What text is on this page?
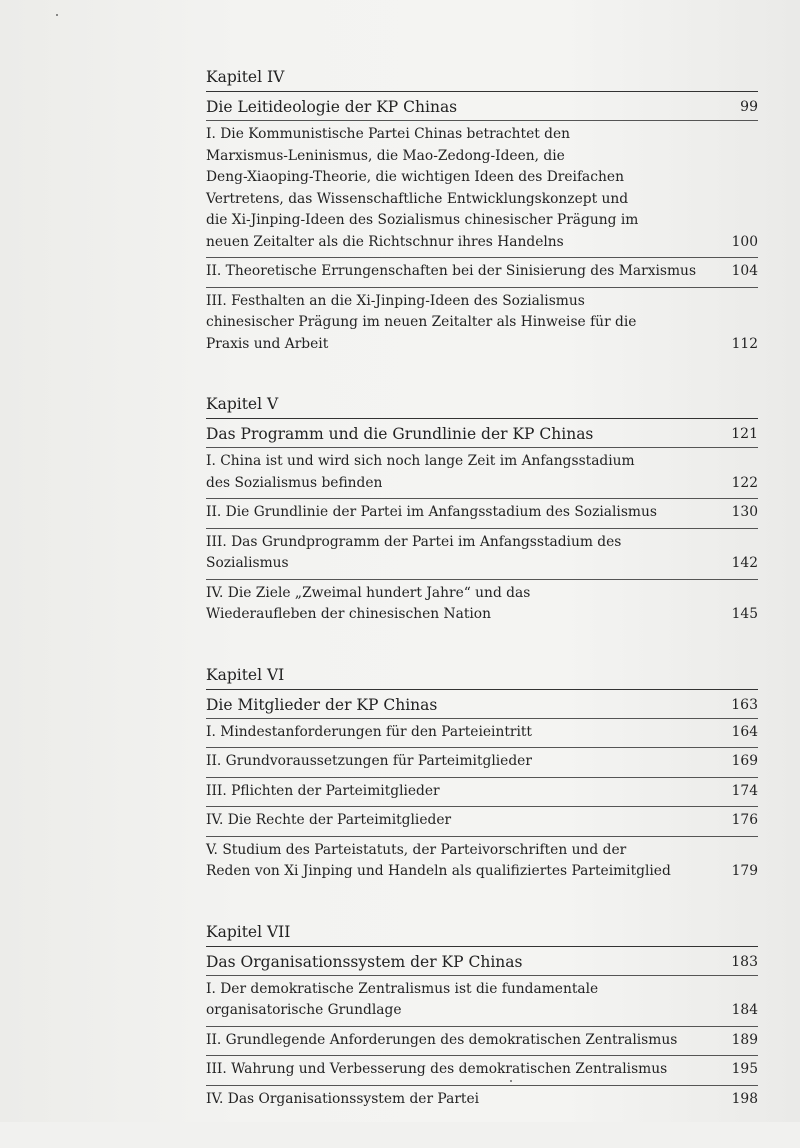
Kapitel IV
Die Leitideologie der KP Chinas	99
I. Die Kommunistische Partei Chinas betrachtet den
Marxismus-Leninismus, die Mao-Zedong-Ideen, die
Deng-Xiaoping-Theorie, die wichtigen Ideen des Dreifachen
Vertretens, das Wissenschaftliche Entwicklungskonzept und
die Xi-Jinping-Ideen des Sozialismus chinesischer Prägung im
neuen Zeitalter als die Richtschnur ihres Handelns	100
II. Theoretische Errungenschaften bei der Sinisierung des Marxismus	104
III. Festhalten an die Xi-Jinping-Ideen des Sozialismus
chinesischer Prägung im neuen Zeitalter als Hinweise für die
Praxis und Arbeit	112
Kapitel V
Das Programm und die Grundlinie der KP Chinas	121
I. China ist und wird sich noch lange Zeit im Anfangsstadium
des Sozialismus befinden	122
II. Die Grundlinie der Partei im Anfangsstadium des Sozialismus	130
III. Das Grundprogramm der Partei im Anfangsstadium des Sozialismus	142
IV. Die Ziele „Zweimal hundert Jahre“ und das
Wiederaufleben der chinesischen Nation	145
Kapitel VI
Die Mitglieder der KP Chinas	163
I. Mindestanforderungen für den Parteieintritt	164
II. Grundvoraussetzungen für Parteimitglieder	169
III. Pflichten der Parteimitglieder	174
IV. Die Rechte der Parteimitglieder	176
V. Studium des Parteistatuts, der Parteivorschriften und der
Reden von Xi Jinping und Handeln als qualifiziertes Parteimitglied	179
Kapitel VII
Das Organisationssystem der KP Chinas	183
I. Der demokratische Zentralismus ist die fundamentale
organisatorische Grundlage	184
II. Grundlegende Anforderungen des demokratischen Zentralismus	189
III. Wahrung und Verbesserung des demokratischen Zentralismus	195
IV. Das Organisationssystem der Partei	198
